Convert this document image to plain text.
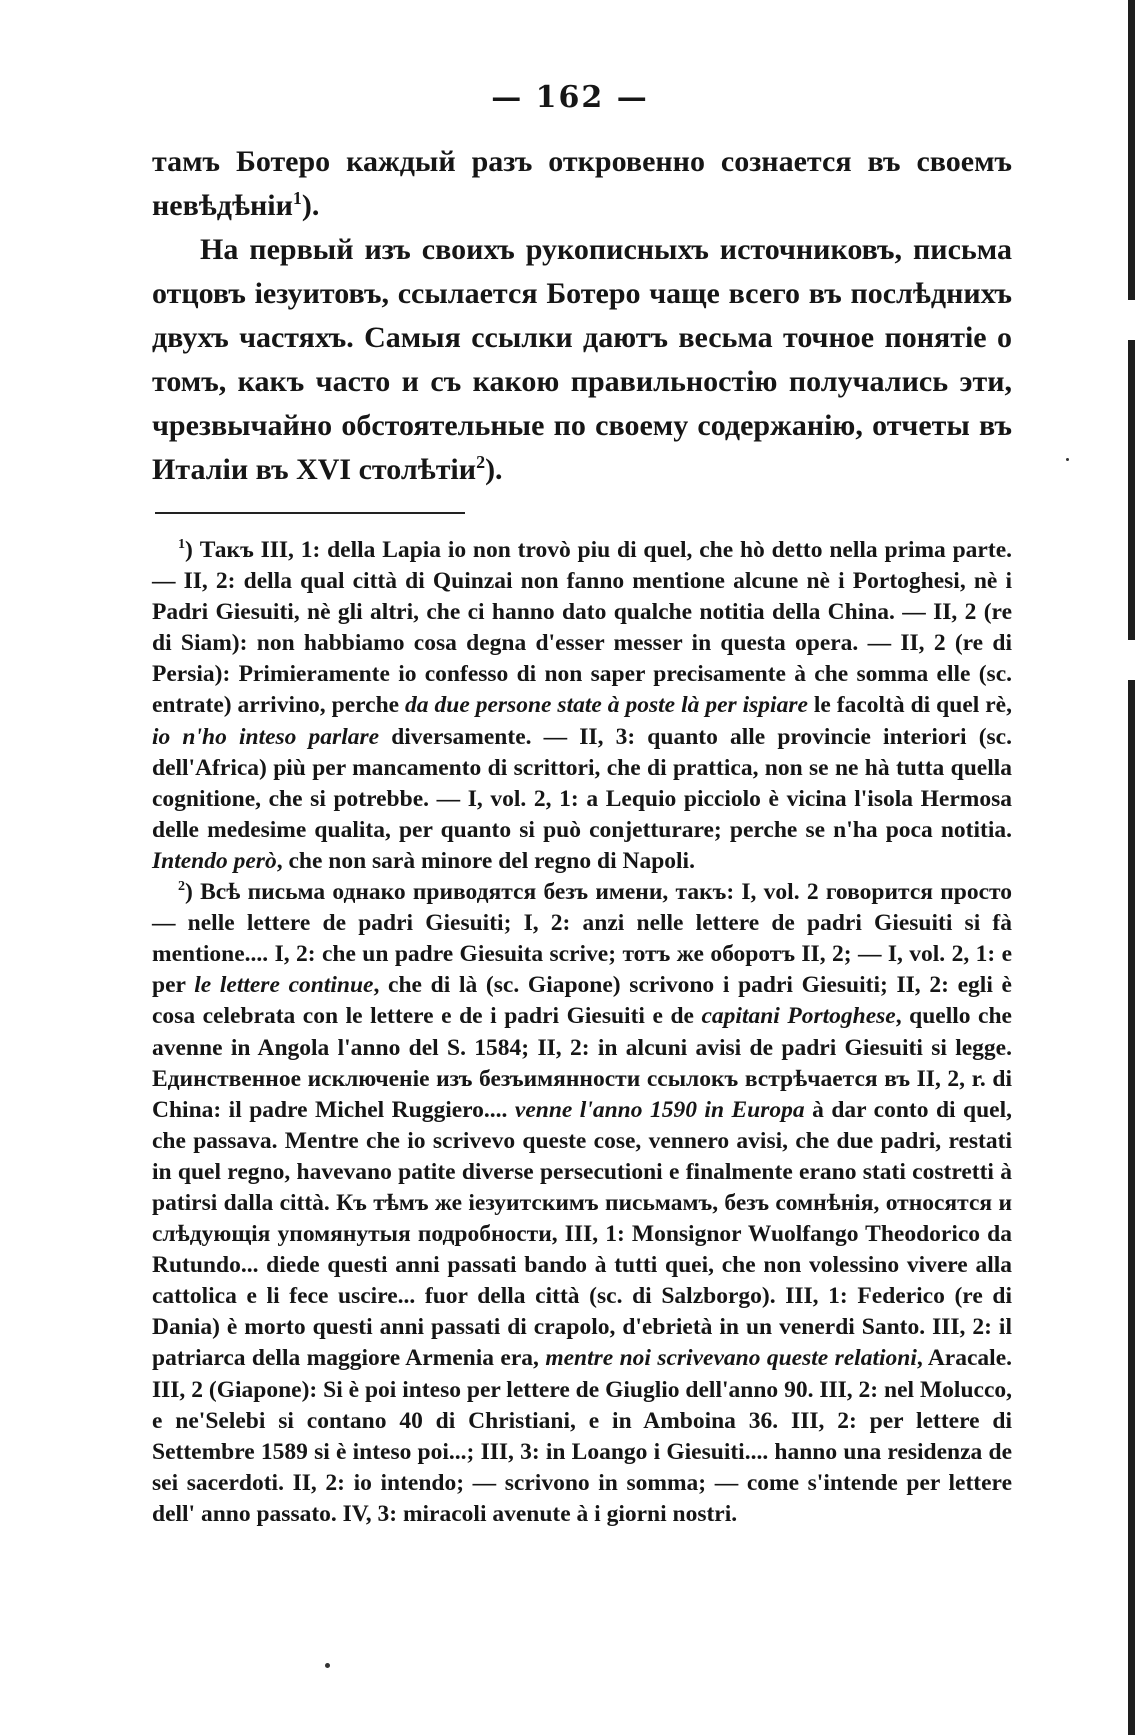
— 162 —

тамъ Ботеро каждый разъ откровенно сознается въ своемъ невѣдѣніи$^1$).

На первый изъ своихъ рукописныхъ источниковъ, письма отцовъ іезуитовъ, ссылается Ботеро чаще всего въ послѣднихъ двухъ частяхъ. Самыя ссылки даютъ весьма точное понятіе о томъ, какъ часто и съ какою правильностію получались эти, чрезвычайно обстоятельные по своему содержанію, отчеты въ Италіи въ XVI столѣтіи$^2$).

$^1$) Такъ III, 1: della Lapia io non trovò piu di quel, che hò detto nella prima parte. — II, 2: della qual città di Quinzai non fanno mentione alcune nè i Portoghesi, nè i Padri Giesuiti, nè gli altri, che ci hanno dato qualche notitia della China. — II, 2 (re di Siam): non habbiamo cosa degna d'esser messer in questa opera. — II, 2 (re di Persia): Primieramente io confesso di non saper precisamente à che somma elle (sc. entrate) arrivino, perche da due persone state à poste là per ispiare le facoltà di quel rè, io n'ho inteso parlare diversamente. — II, 3: quanto alle provincie interiori (sc. dell'Africa) più per mancamento di scrittori, che di prattica, non se ne hà tutta quella cognitione, che si potrebbe. — I, vol. 2, 1: a Lequio picciolo è vicina l'isola Hermosa delle medesime qualita, per quanto si può conjetturare; perche se n'ha poca notitia. Intendo però, che non sarà minore del regno di Napoli.

$^2$) Всѣ письма однако приводятся безъ имени, такъ: I, vol. 2 говорится просто — nelle lettere de padri Giesuiti; I, 2: anzi nelle lettere de padri Giesuiti si fà mentione.... I, 2: che un padre Giesuita scrive; тотъ же оборотъ II, 2; — I, vol. 2, 1: e per le lettere continue, che di là (sc. Giapone) scrivono i padri Giesuiti; II, 2: egli è cosa celebrata con le lettere e de i padri Giesuiti e de capitani Portoghese, quello che avenne in Angola l'anno del S. 1584; II, 2: in alcuni avisi de padri Giesuiti si legge. Единственное исключеніе изъ безъимянности ссылокъ встрѣчается въ II, 2, r. di China: il padre Michel Ruggiero.... venne l'anno 1590 in Europa à dar conto di quel, che passava. Mentre che io scrivevo queste cose, vennero avisi, che due padri, restati in quel regno, havevano patite diverse persecutioni e finalmente erano stati costretti à patirsi dalla città. Къ тѣмъ же іезуитскимъ письмамъ, безъ сомнѣнія, относятся и слѣдующія упомянутыя подробности, III, 1: Monsignor Wuolfango Theodorico da Rutundo... diede questi anni passati bando à tutti quei, che non volessino vivere alla cattolica e li fece uscire... fuor della città (sc. di Salzborgo). III, 1: Federico (re di Dania) è morto questi anni passati di crapolo, d'ebrietà in un venerdi Santo. III, 2: il patriarca della maggiore Armenia era, mentre noi scrivevano queste relationi, Aracale. III, 2 (Giapone): Si è poi inteso per lettere de Giuglio dell'anno 90. III, 2: nel Molucco, e ne'Selebi si contano 40 di Christiani, e in Amboina 36. III, 2: per lettere di Settembre 1589 si è inteso poi...; III, 3: in Loango i Giesuiti.... hanno una residenza de sei sacerdoti. II, 2: io intendo; — scrivono in somma; — come s'intende per lettere dell' anno passato. IV, 3: miracoli avenute à i giorni nostri.
